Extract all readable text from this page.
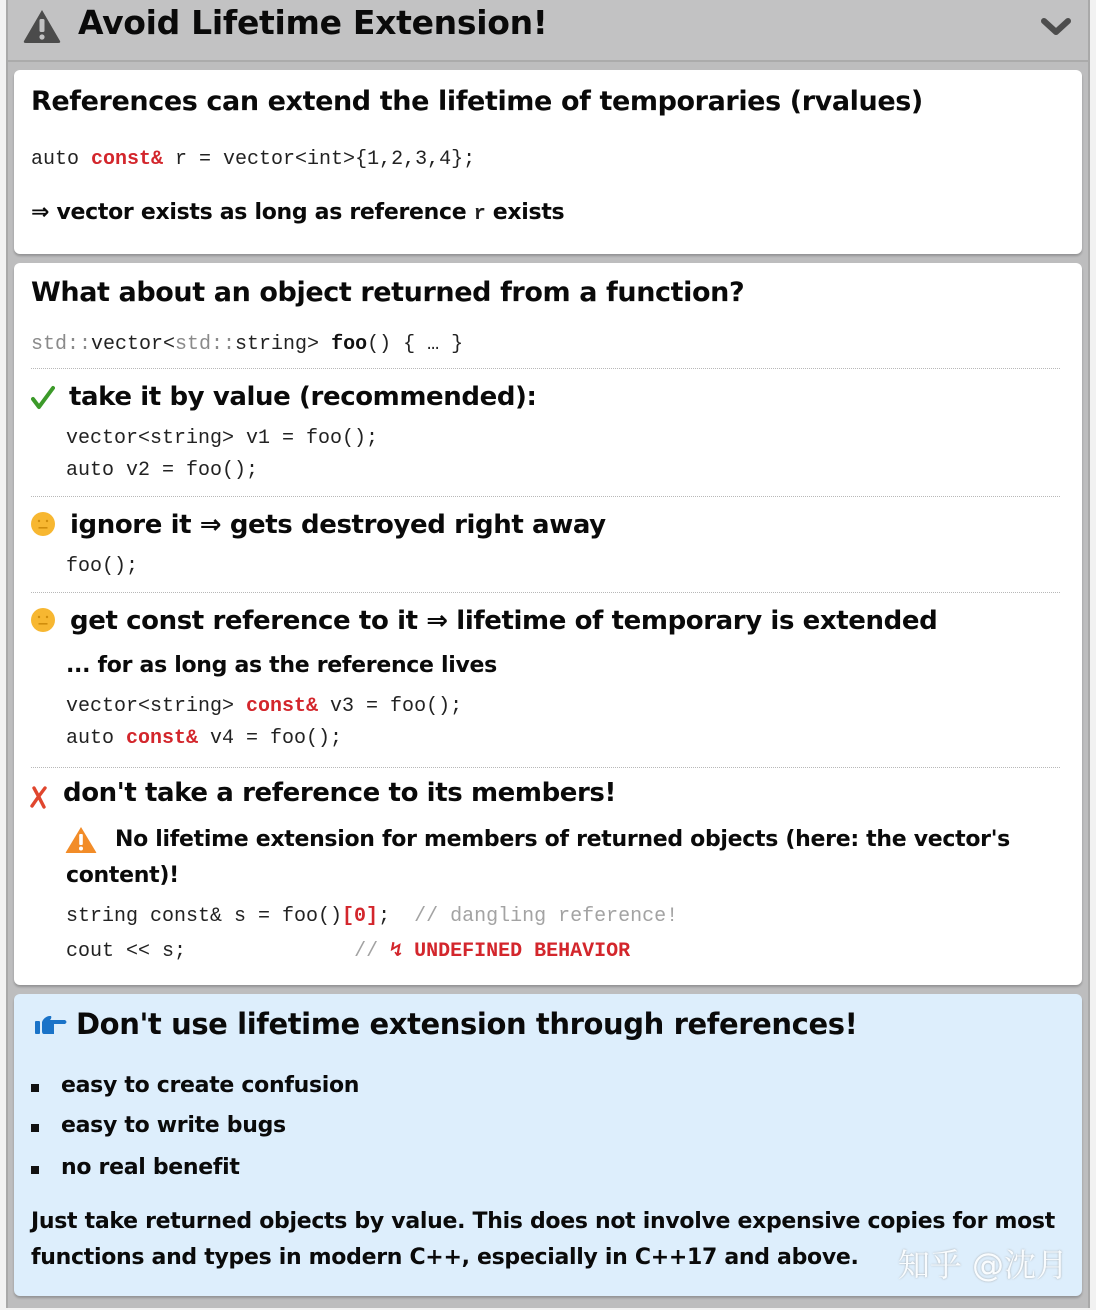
Avoid Lifetime Extension!
References can extend the lifetime of temporaries (rvalues)
auto const& r = vector<int>{1,2,3,4};
⇒ vector exists as long as reference r exists
What about an object returned from a function?
std::vector<std::string> foo() { … }
take it by value (recommended):
vector<string> v1 = foo();
auto v2 = foo();
ignore it ⇒ gets destroyed right away
foo();
get const reference to it ⇒ lifetime of temporary is extended
... for as long as the reference lives
vector<string> const& v3 = foo();
auto const& v4 = foo();
don't take a reference to its members!
No lifetime extension for members of returned objects (here: the vector's
content)!
string const& s = foo()[0];  // dangling reference!
cout << s;	// ↯ UNDEFINED BEHAVIOR
Don't use lifetime extension through references!
easy to create confusion
easy to write bugs
no real benefit
Just take returned objects by value. This does not involve expensive copies for most
functions and types in modern C++, especially in C++17 and above. 知乎 @沈月
